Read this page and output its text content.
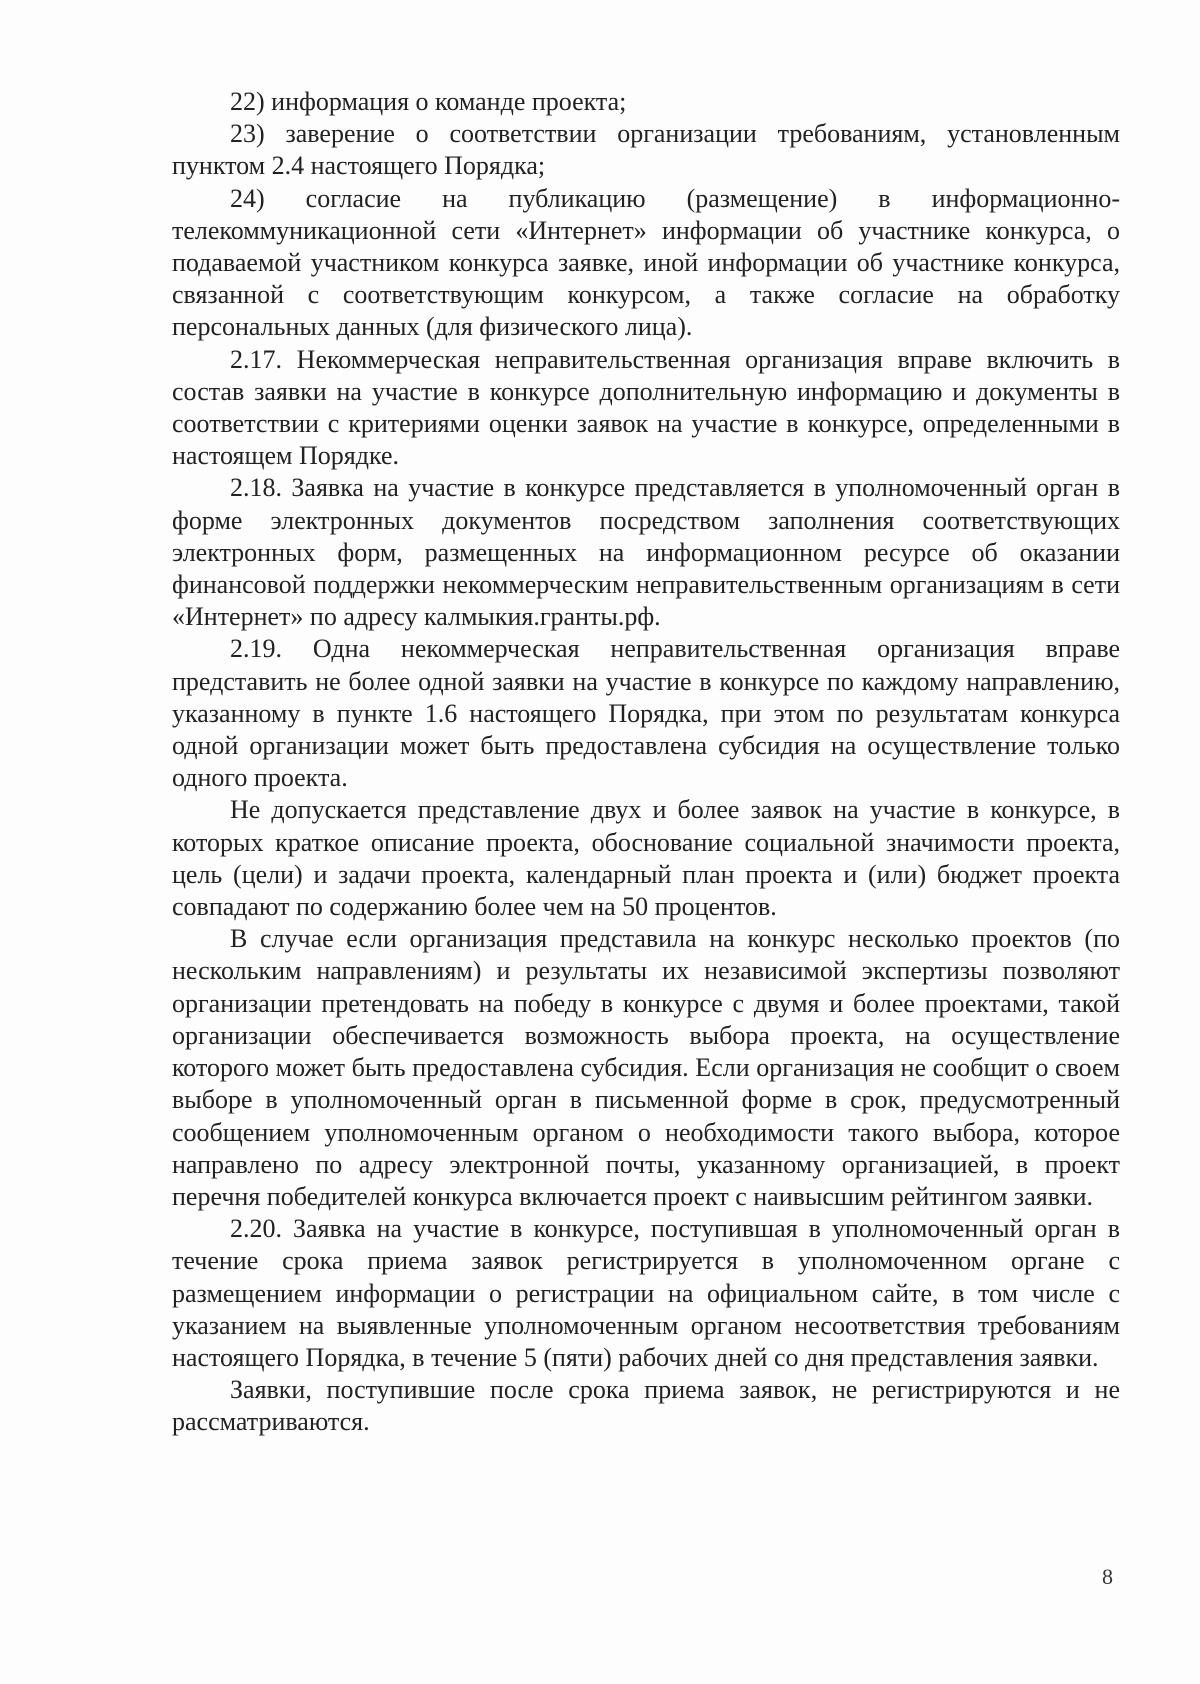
22) информация о команде проекта;

23) заверение о соответствии организации требованиям, установленным пунктом 2.4 настоящего Порядка;

24) согласие на публикацию (размещение) в информационно-телекоммуникационной сети «Интернет» информации об участнике конкурса, о подаваемой участником конкурса заявке, иной информации об участнике конкурса, связанной с соответствующим конкурсом, а также согласие на обработку персональных данных (для физического лица).

2.17. Некоммерческая неправительственная организация вправе включить в состав заявки на участие в конкурсе дополнительную информацию и документы в соответствии с критериями оценки заявок на участие в конкурсе, определенными в настоящем Порядке.

2.18. Заявка на участие в конкурсе представляется в уполномоченный орган в форме электронных документов посредством заполнения соответствующих электронных форм, размещенных на информационном ресурсе об оказании финансовой поддержки некоммерческим неправительственным организациям в сети «Интернет» по адресу калмыкия.гранты.рф.

2.19. Одна некоммерческая неправительственная организация вправе представить не более одной заявки на участие в конкурсе по каждому направлению, указанному в пункте 1.6 настоящего Порядка, при этом по результатам конкурса одной организации может быть предоставлена субсидия на осуществление только одного проекта.

Не допускается представление двух и более заявок на участие в конкурсе, в которых краткое описание проекта, обоснование социальной значимости проекта, цель (цели) и задачи проекта, календарный план проекта и (или) бюджет проекта совпадают по содержанию более чем на 50 процентов.

В случае если организация представила на конкурс несколько проектов (по нескольким направлениям) и результаты их независимой экспертизы позволяют организации претендовать на победу в конкурсе с двумя и более проектами, такой организации обеспечивается возможность выбора проекта, на осуществление которого может быть предоставлена субсидия. Если организация не сообщит о своем выборе в уполномоченный орган в письменной форме в срок, предусмотренный сообщением уполномоченным органом о необходимости такого выбора, которое направлено по адресу электронной почты, указанному организацией, в проект перечня победителей конкурса включается проект с наивысшим рейтингом заявки.

2.20. Заявка на участие в конкурсе, поступившая в уполномоченный орган в течение срока приема заявок регистрируется в уполномоченном органе с размещением информации о регистрации на официальном сайте, в том числе с указанием на выявленные уполномоченным органом несоответствия требованиям настоящего Порядка, в течение 5 (пяти) рабочих дней со дня представления заявки.

Заявки, поступившие после срока приема заявок, не регистрируются и не рассматриваются.

8
